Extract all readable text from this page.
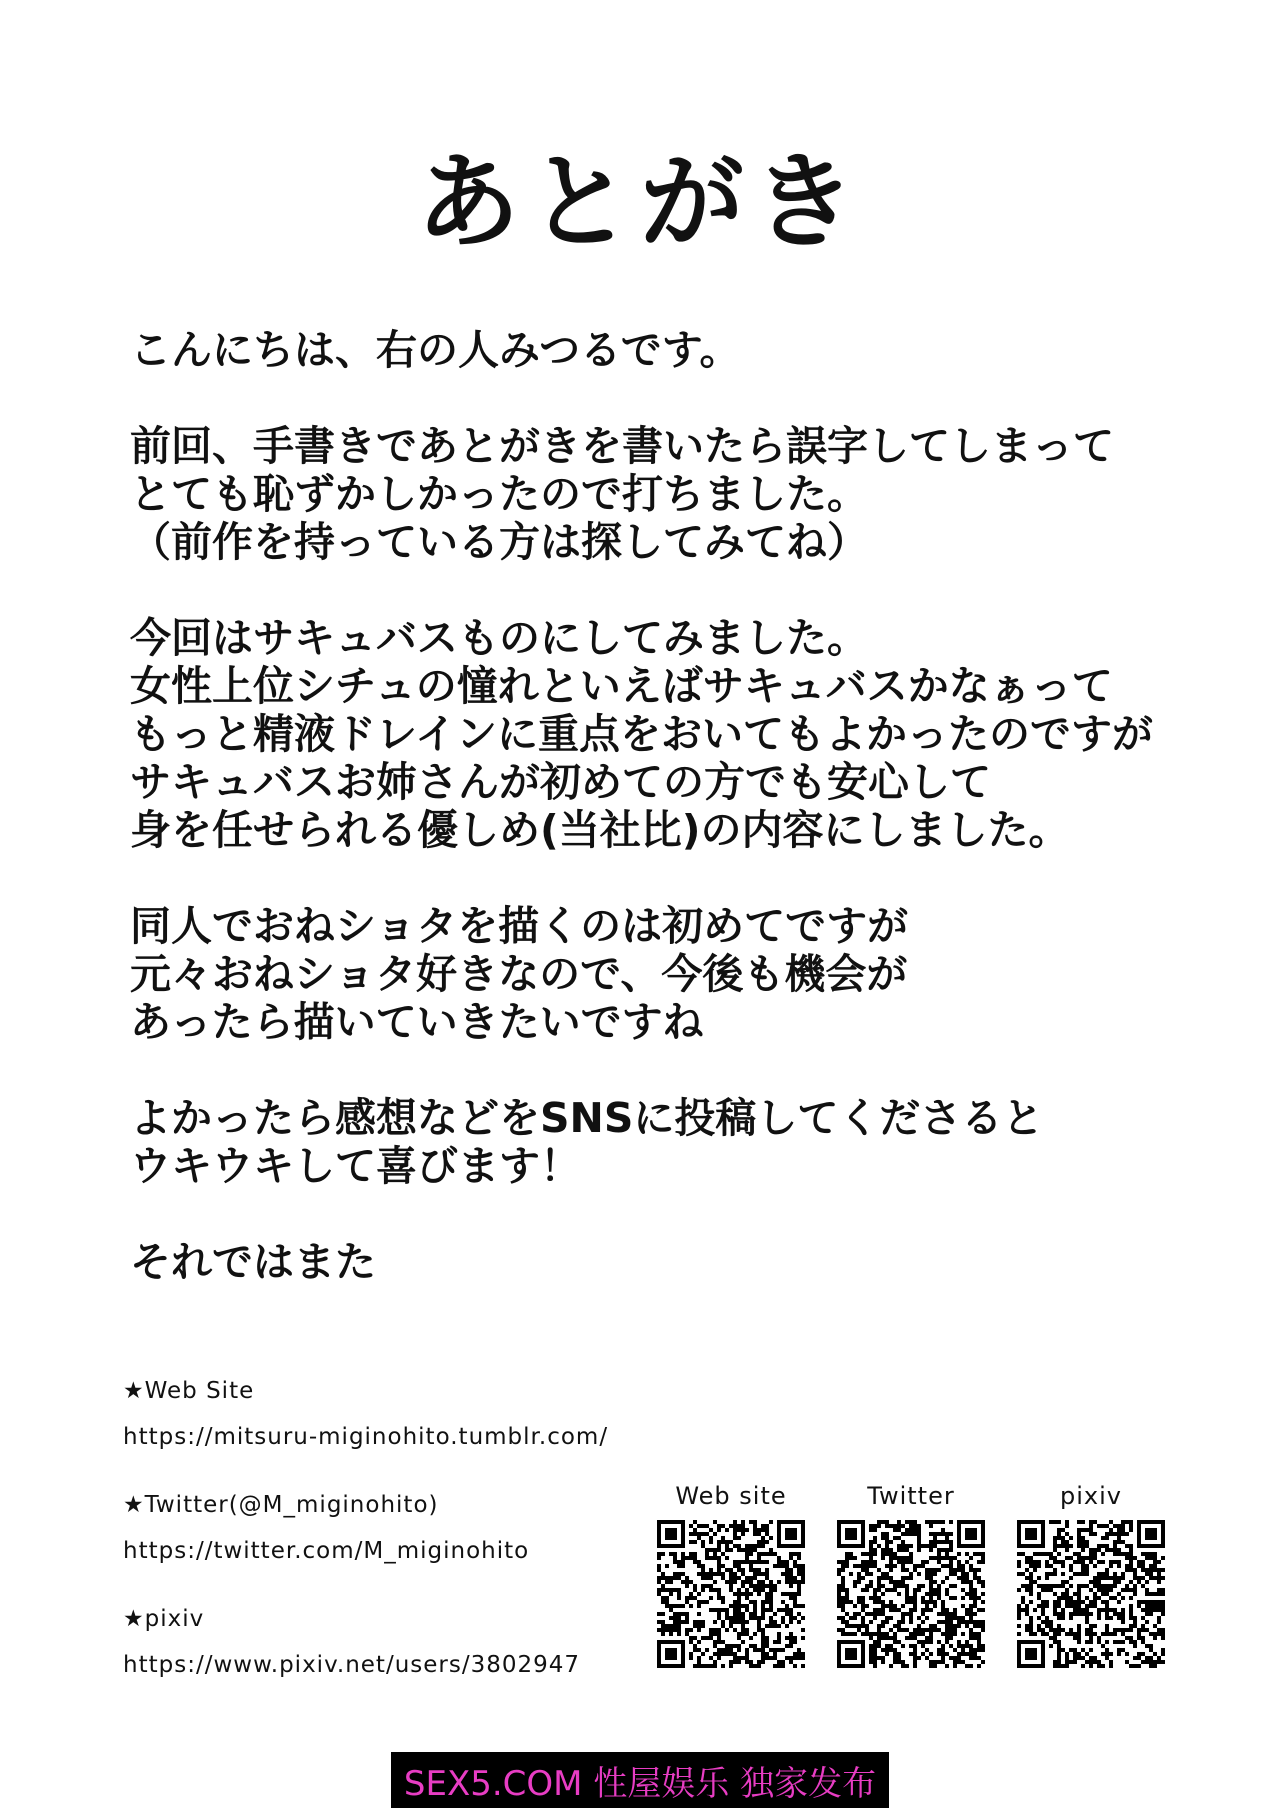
あとがき
こんにちは、右の人みつるです。
前回、手書きであとがきを書いたら誤字してしまって
とても恥ずかしかったので打ちました。
（前作を持っている方は探してみてね）
今回はサキュバスものにしてみました。
女性上位シチュの憧れといえばサキュバスかなぁって
もっと精液ドレインに重点をおいてもよかったのですが
サキュバスお姉さんが初めての方でも安心して
身を任せられる優しめ(当社比)の内容にしました。
同人でおねショタを描くのは初めてですが
元々おねショタ好きなので、今後も機会が
あったら描いていきたいですね
よかったら感想などをSNSに投稿してくださると
ウキウキして喜びます！
それではまた
★Web Site
https://mitsuru-miginohito.tumblr.com/
★Twitter(@M_miginohito)
https://twitter.com/M_miginohito
★pixiv
https://www.pixiv.net/users/3802947
Web site	Twitter	pixiv
SEX5.COM 性屋娱乐 独家发布
